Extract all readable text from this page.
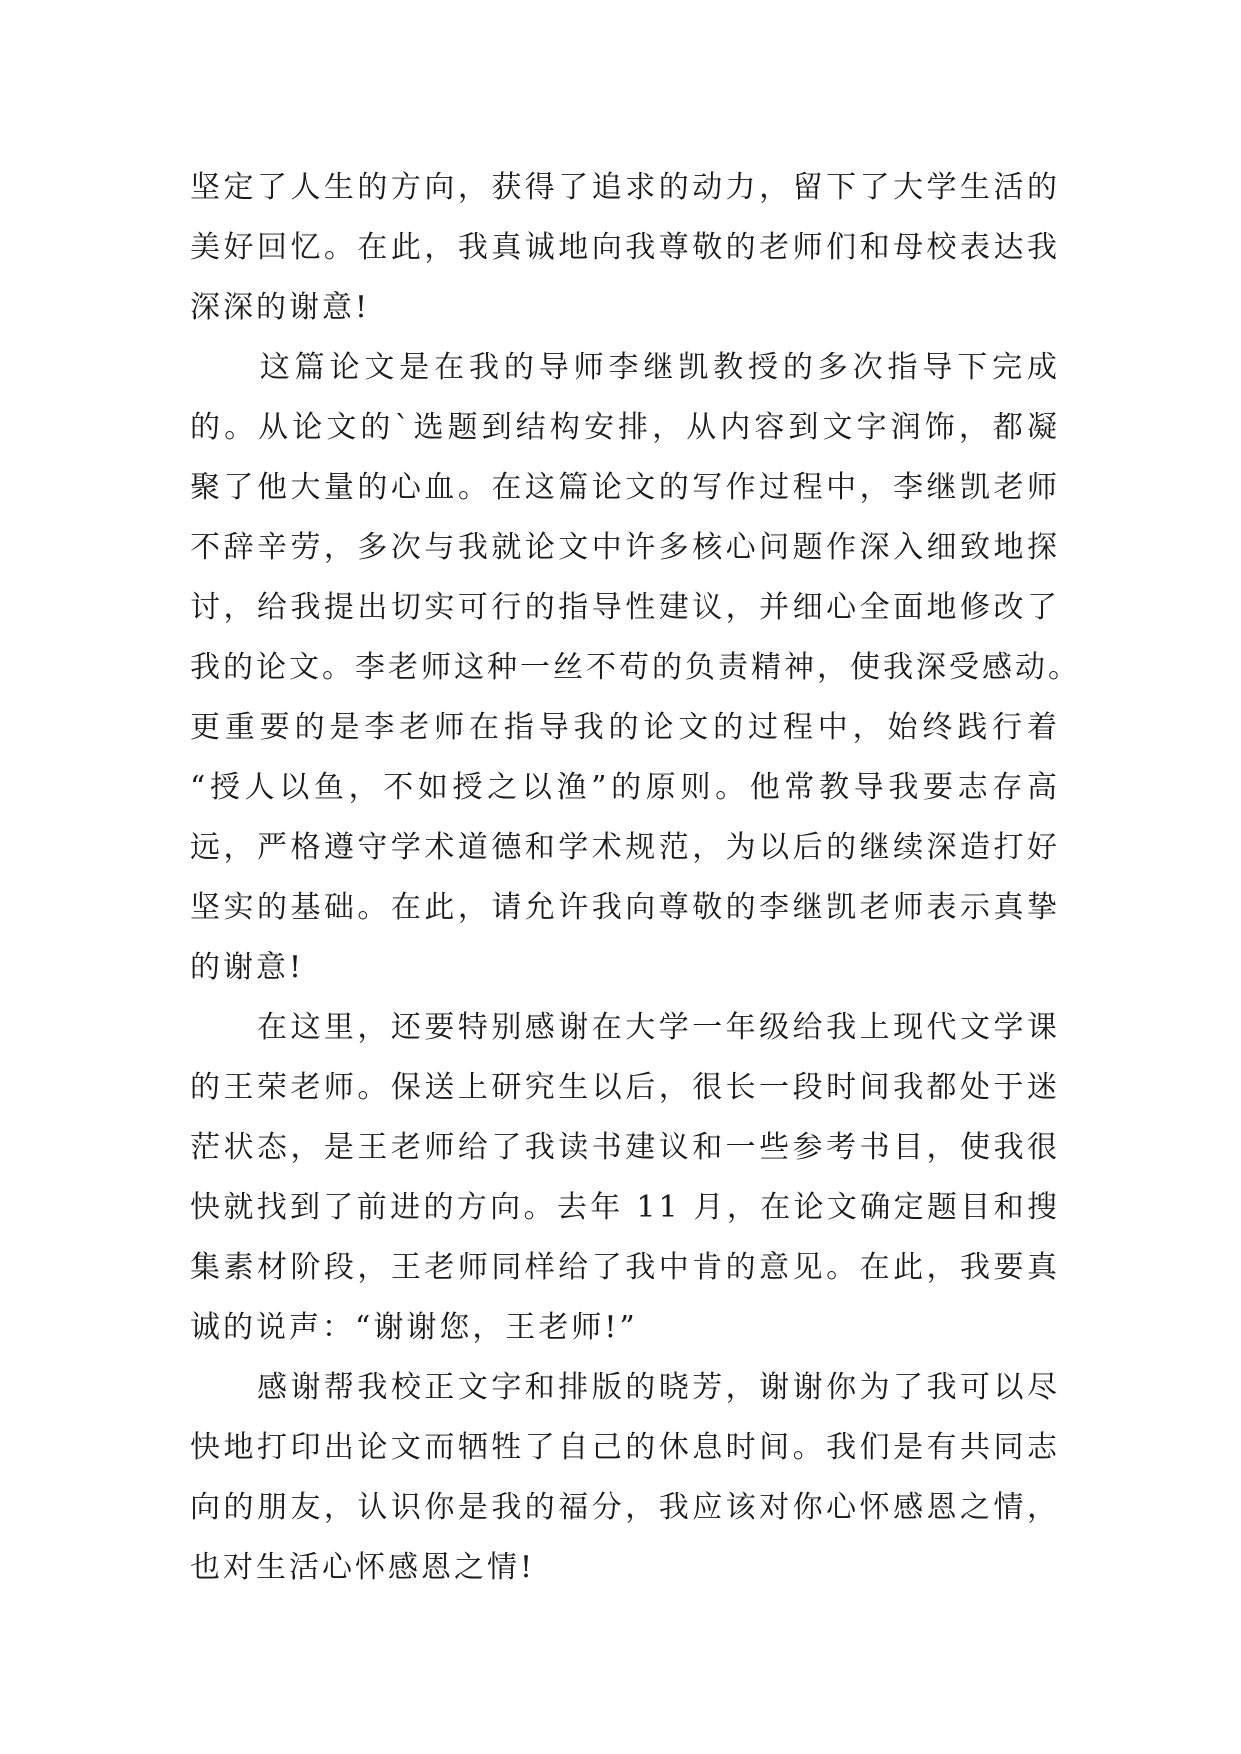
坚定了人生的方向，获得了追求的动力，留下了大学生活的
美好回忆。在此，我真诚地向我尊敬的老师们和母校表达我
深深的谢意!
　　这篇论文是在我的导师李继凯教授的多次指导下完成
的。从论文的`选题到结构安排，从内容到文字润饰，都凝
聚了他大量的心血。在这篇论文的写作过程中，李继凯老师
不辞辛劳，多次与我就论文中许多核心问题作深入细致地探
讨，给我提出切实可行的指导性建议，并细心全面地修改了
我的论文。李老师这种一丝不苟的负责精神，使我深受感动。
更重要的是李老师在指导我的论文的过程中，始终践行着
“授人以鱼，不如授之以渔”的原则。他常教导我要志存高
远，严格遵守学术道德和学术规范，为以后的继续深造打好
坚实的基础。在此，请允许我向尊敬的李继凯老师表示真挚
的谢意!
　　在这里，还要特别感谢在大学一年级给我上现代文学课
的王荣老师。保送上研究生以后，很长一段时间我都处于迷
茫状态，是王老师给了我读书建议和一些参考书目，使我很
快就找到了前进的方向。去年 11 月，在论文确定题目和搜
集素材阶段，王老师同样给了我中肯的意见。在此，我要真
诚的说声：“谢谢您，王老师!”
　　感谢帮我校正文字和排版的晓芳，谢谢你为了我可以尽
快地打印出论文而牺牲了自己的休息时间。我们是有共同志
向的朋友，认识你是我的福分，我应该对你心怀感恩之情，
也对生活心怀感恩之情!
